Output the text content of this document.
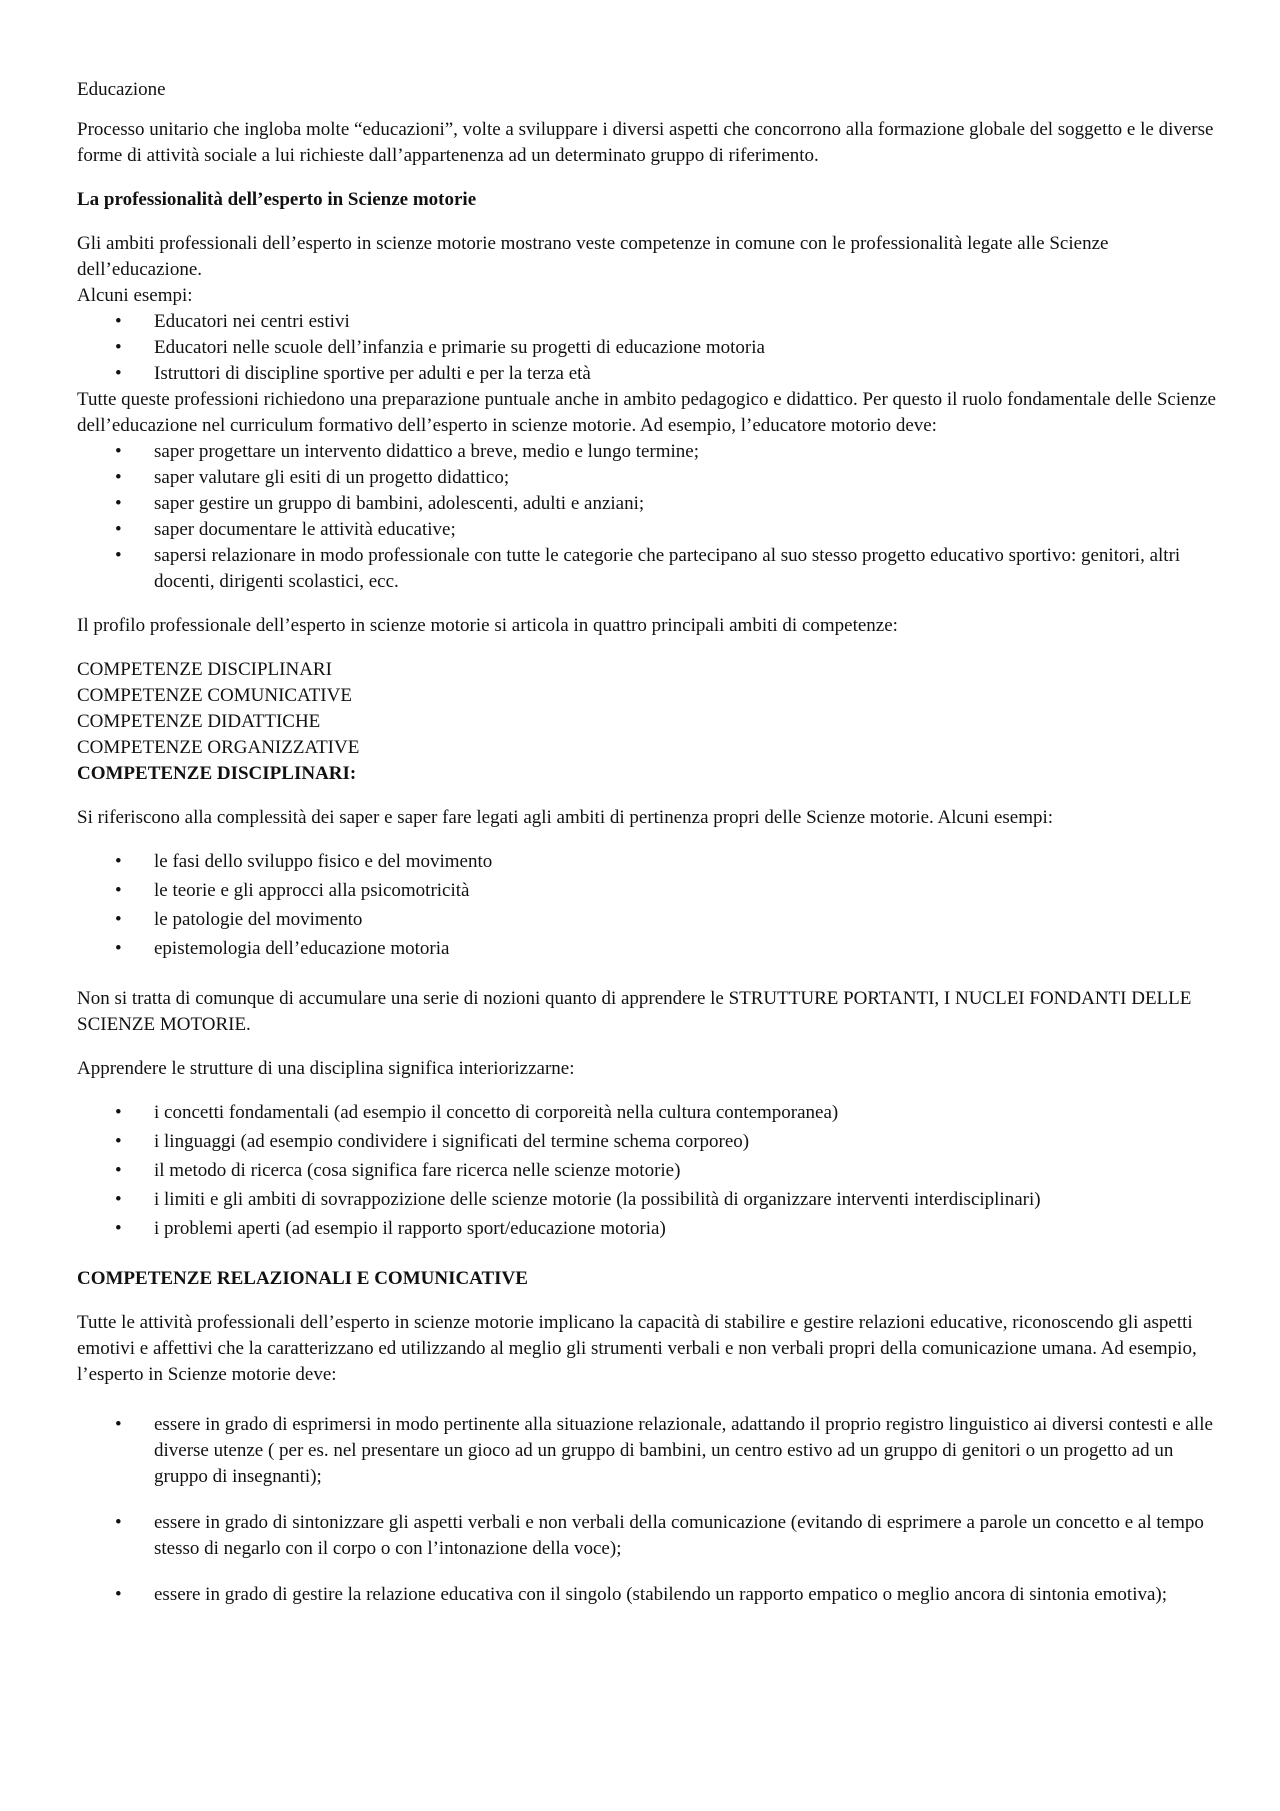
Educazione

Processo unitario che ingloba molte “educazioni”, volte a sviluppare i diversi aspetti che concorrono alla formazione globale del soggetto e le diverse forme di attività sociale a lui richieste dall’appartenenza ad un determinato gruppo di riferimento.

La professionalità dell’esperto in Scienze motorie

Gli ambiti professionali dell’esperto in scienze motorie mostrano veste competenze in comune con le professionalità legate alle Scienze dell’educazione.

Alcuni esempi:

• Educatori nei centri estivi
• Educatori nelle scuole dell’infanzia e primarie su progetti di educazione motoria
• Istruttori di discipline sportive per adulti e per la terza età

Tutte queste professioni richiedono una preparazione puntuale anche in ambito pedagogico e didattico. Per questo il ruolo fondamentale delle Scienze dell’educazione nel curriculum formativo dell’esperto in scienze motorie. Ad esempio, l’educatore motorio deve:

• saper progettare un intervento didattico a breve, medio e lungo termine;
• saper valutare gli esiti di un progetto didattico;
• saper gestire un gruppo di bambini, adolescenti, adulti e anziani;
• saper documentare le attività educative;
• sapersi relazionare in modo professionale con tutte le categorie che partecipano al suo stesso progetto educativo sportivo: genitori, altri docenti, dirigenti scolastici, ecc.

Il profilo professionale dell’esperto in scienze motorie si articola in quattro principali ambiti di competenze:

COMPETENZE DISCIPLINARI

COMPETENZE COMUNICATIVE

COMPETENZE DIDATTICHE

COMPETENZE ORGANIZZATIVE

COMPETENZE DISCIPLINARI:

Si riferiscono alla complessità dei saper e saper fare legati agli ambiti di pertinenza propri delle Scienze motorie. Alcuni esempi:

• le fasi dello sviluppo fisico e del movimento
• le teorie e gli approcci alla psicomotricità
• le patologie del movimento
• epistemologia dell’educazione motoria

Non si tratta di comunque di accumulare una serie di nozioni quanto di apprendere le STRUTTURE PORTANTI, I NUCLEI FONDANTI DELLE SCIENZE MOTORIE.

Apprendere le strutture di una disciplina significa interiorizzarne:

• i concetti fondamentali (ad esempio il concetto di corporeità nella cultura contemporanea)
• i linguaggi (ad esempio condividere i significati del termine schema corporeo)
• il metodo di ricerca (cosa significa fare ricerca nelle scienze motorie)
• i limiti e gli ambiti di sovrappozizione delle scienze motorie (la possibilità di organizzare interventi interdisciplinari)
• i problemi aperti (ad esempio il rapporto sport/educazione motoria)

COMPETENZE RELAZIONALI E COMUNICATIVE

Tutte le attività professionali dell’esperto in scienze motorie implicano la capacità di stabilire e gestire relazioni educative, riconoscendo gli aspetti emotivi e affettivi che la caratterizzano ed utilizzando al meglio gli strumenti verbali e non verbali propri della comunicazione umana. Ad esempio, l’esperto in Scienze motorie deve:

• essere in grado di esprimersi in modo pertinente alla situazione relazionale, adattando il proprio registro linguistico ai diversi contesti e alle diverse utenze ( per es. nel presentare un gioco ad un gruppo di bambini, un centro estivo ad un gruppo di genitori o un progetto ad un gruppo di insegnanti);
• essere in grado di sintonizzare gli aspetti verbali e non verbali della comunicazione (evitando di esprimere a parole un concetto e al tempo stesso di negarlo con il corpo o con l’intonazione della voce);
• essere in grado di gestire la relazione educativa con il singolo (stabilendo un rapporto empatico o meglio ancora di sintonia emotiva);
